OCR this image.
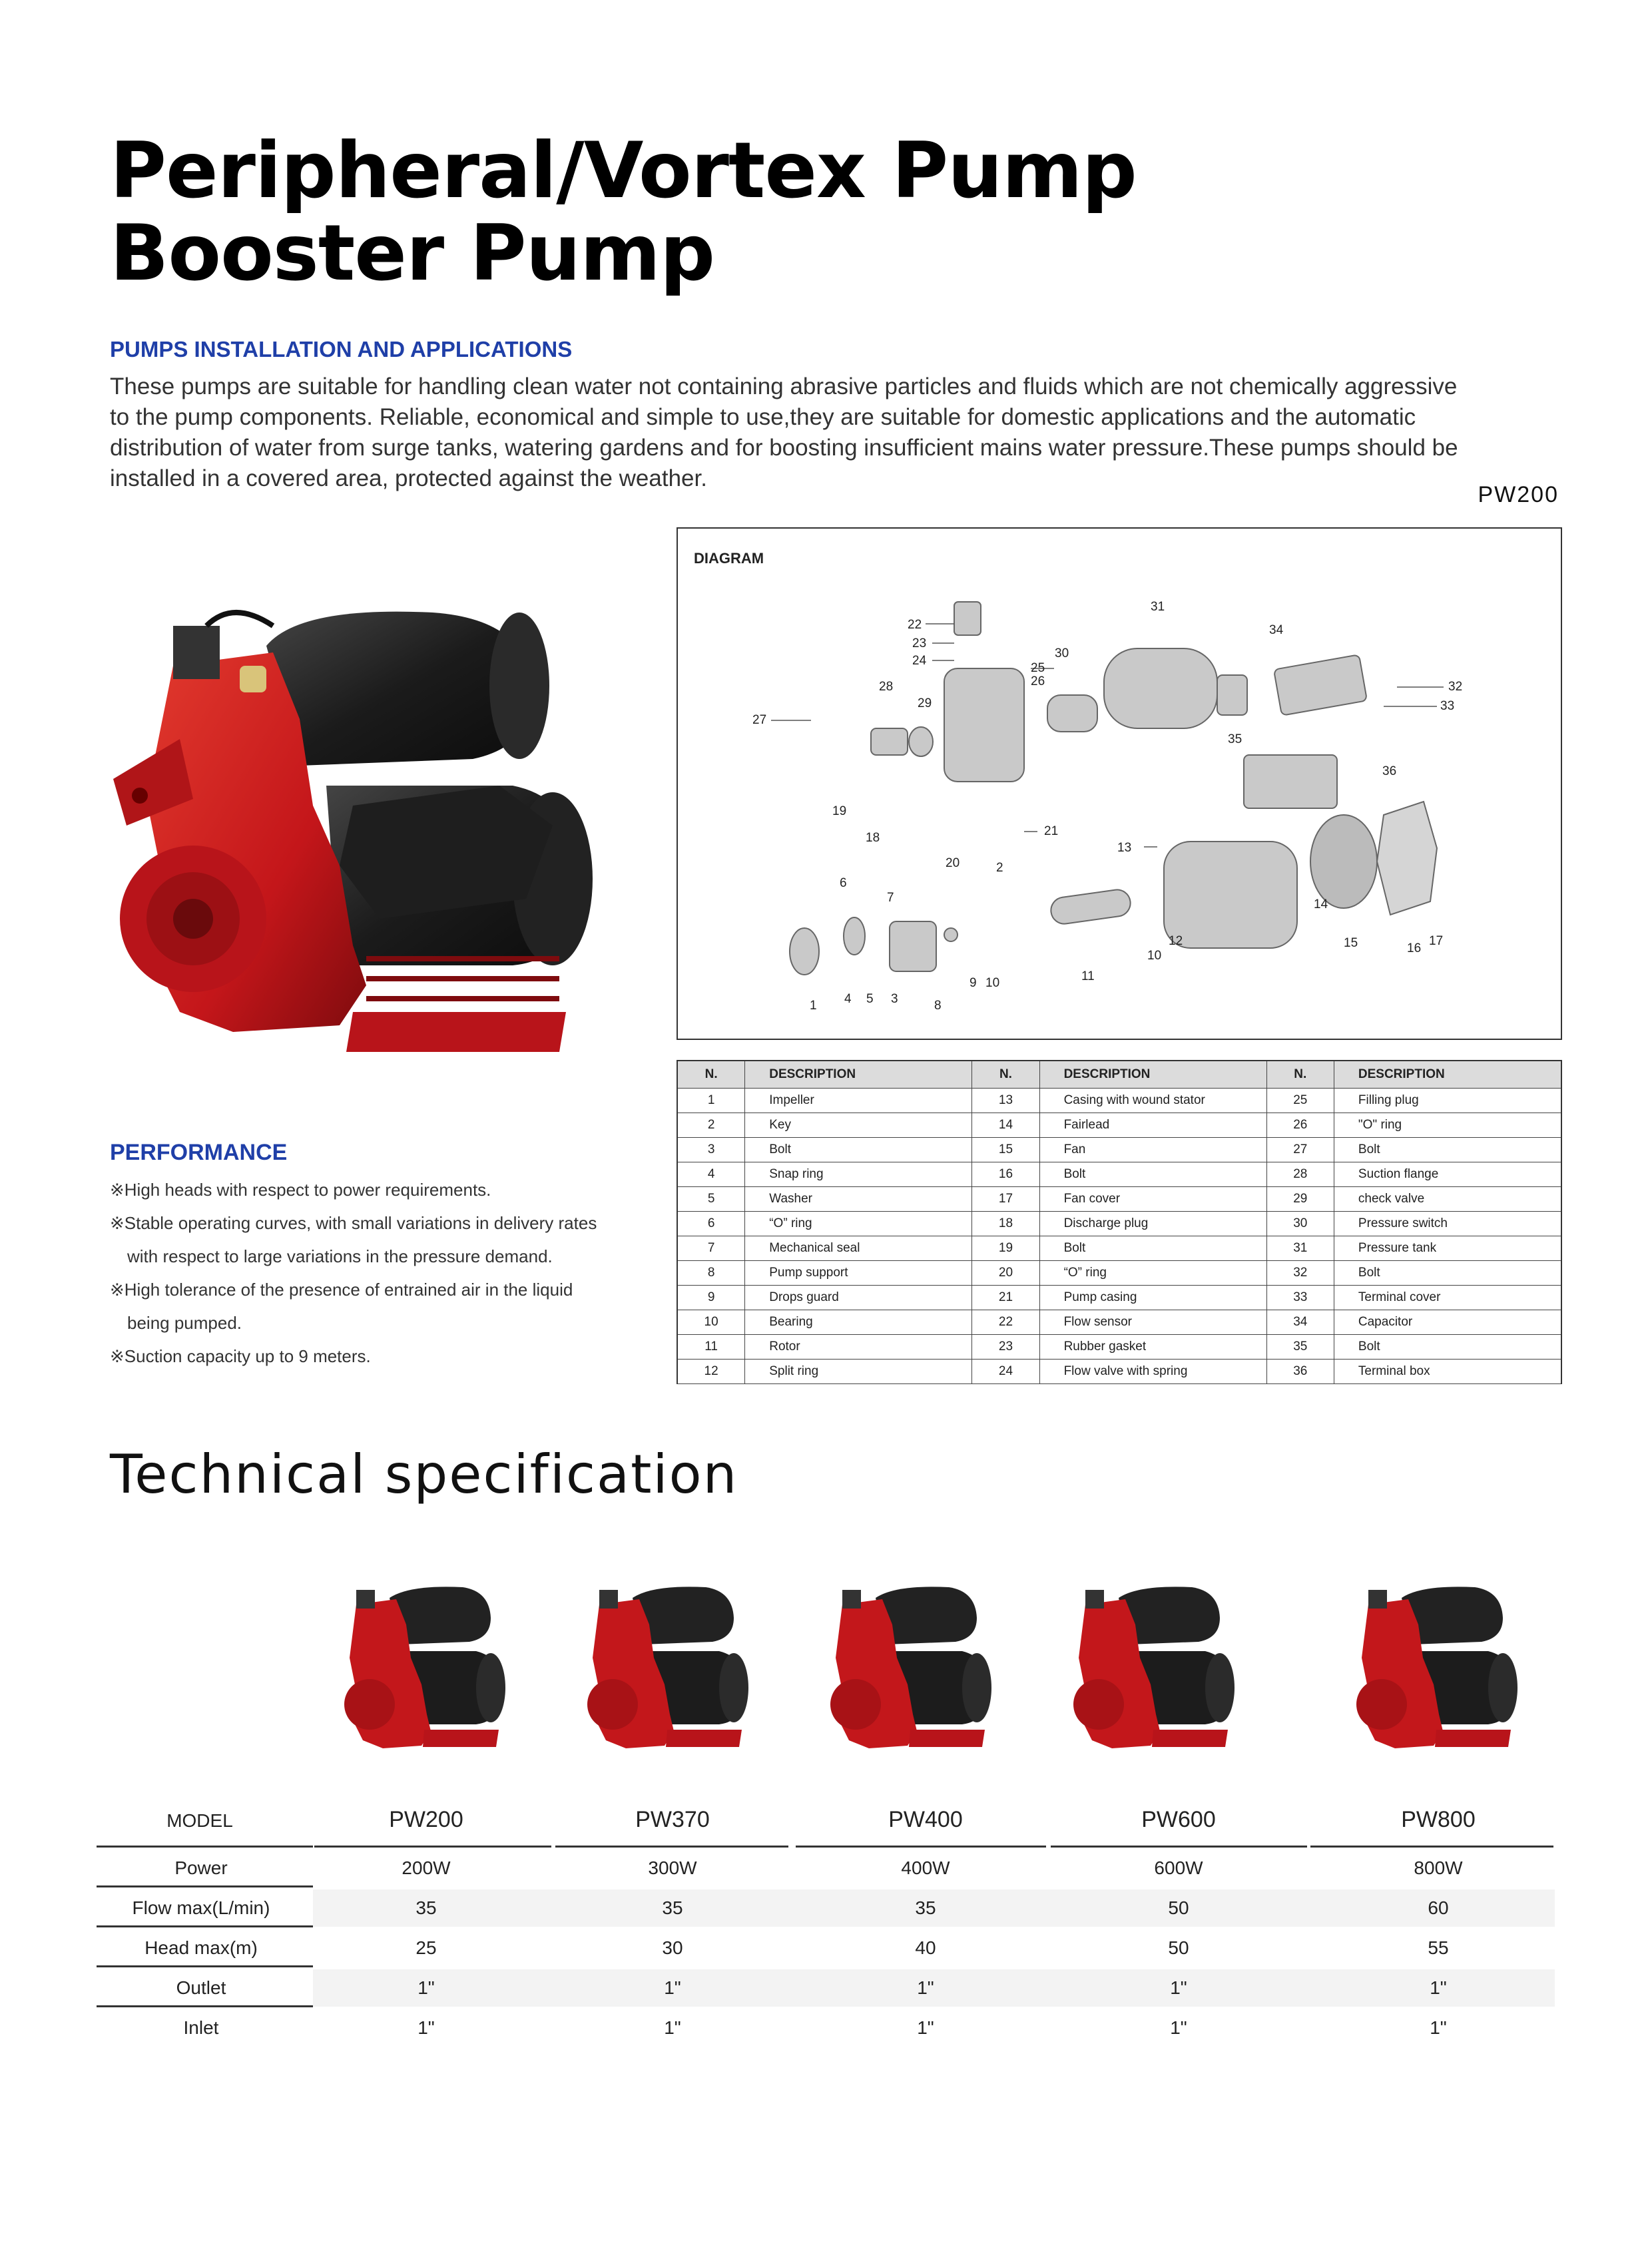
Peripheral/Vortex Pump
Booster Pump
PUMPS INSTALLATION AND APPLICATIONS
These pumps are suitable for handling clean water not containing abrasive particles and fluids which are not chemically aggressive
to the pump components. Reliable, economical and simple to use,they are suitable for domestic applications and the automatic
distribution of water from surge tanks, watering gardens and for boosting insufficient mains water pressure.These pumps should be
installed in a covered area, protected against the weather.
PW200
DIAGRAM
1
2
3
4 5
6
7
8
9 10
10
11
12
13
14
15	16
17
18
19
20
21
22
23
24
25
26
27
28
29
30
31
32
33
34
35
36
N.	DESCRIPTION	N.	DESCRIPTION	N.	DESCRIPTION
1	Impeller	13	Casing with wound stator	25	Filling plug
2	Key	14	Fairlead	26	"O" ring
3	Bolt	15	Fan	27	Bolt
4	Snap ring	16	Bolt	28	Suction flange
5	Washer	17	Fan cover	29	check valve
6	“O” ring	18	Discharge plug	30	Pressure switch
7	Mechanical seal	19	Bolt	31	Pressure tank
8	Pump support	20	“O” ring	32	Bolt
9	Drops guard	21	Pump casing	33	Terminal cover
10	Bearing	22	Flow sensor	34	Capacitor
11	Rotor	23	Rubber gasket	35	Bolt
12	Split ring	24	Flow valve with spring	36	Terminal box
PERFORMANCE
※High heads with respect to power requirements.
※Stable operating curves, with small variations in delivery rates
with respect to large variations in the pressure demand.
※High tolerance of the presence of entrained air in the liquid
being pumped.
※Suction capacity up to 9 meters.
Technical specification
MODEL	PW200	PW370	PW400	PW600	PW800
Power	200W	300W	400W	600W	800W
Flow max(L/min)	35	35	35	50	60
Head max(m)	25	30	40	50	55
Outlet	1"	1"	1"	1"	1"
Inlet	1"	1"	1"	1"	1"
